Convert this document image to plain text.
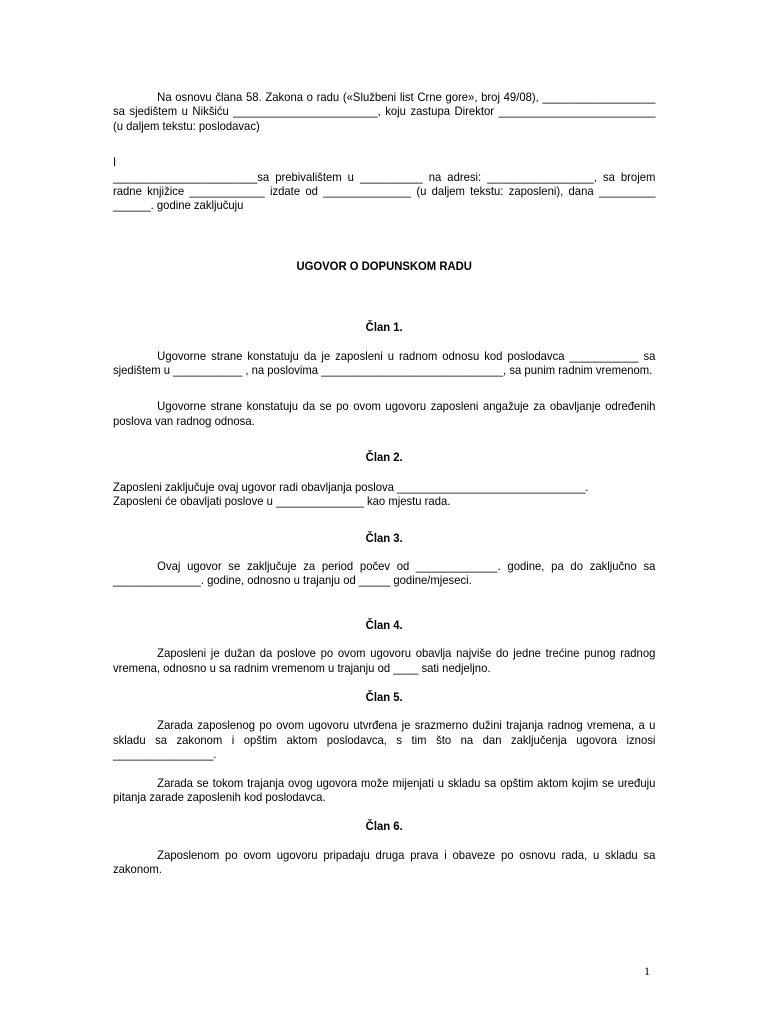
Na osnovu člana 58. Zakona o radu («Službeni list Crne gore», broj 49/08), __________________ sa sjedištem u Nikšiću _______________________, koju zastupa Direktor _________________________ (u daljem tekstu: poslodavac)

I

_______________________sa prebivalištem u __________ na adresi: _________________, sa brojem radne knjižice ____________ izdate od ______________ (u daljem tekstu: zaposleni), dana _________ ______. godine zaključuju

UGOVOR O DOPUNSKOM RADU

Član 1.

Ugovorne strane konstatuju da je zaposleni u radnom odnosu kod poslodavca ___________ sa sjedištem u ___________ , na poslovima _____________________________, sa punim radnim vremenom.

Ugovorne strane konstatuju da se po ovom ugovoru zaposleni angažuje za obavljanje određenih poslova van radnog odnosa.

Član 2.

Zaposleni zaključuje ovaj ugovor radi obavljanja poslova ______________________________.

Zaposleni će obavljati poslove u ______________ kao mjestu rada.

Član 3.

Ovaj ugovor se zaključuje za period počev od _____________. godine, pa do zaključno sa ______________. godine, odnosno u trajanju od _____ godine/mjeseci.

Član 4.

Zaposleni je dužan da poslove po ovom ugovoru obavlja najviše do jedne trećine punog radnog vremena, odnosno u sa radnim vremenom u trajanju od ____ sati nedjeljno.

Član 5.

Zarada zaposlenog po ovom ugovoru utvrđena je srazmerno dužini trajanja radnog vremena, a u skladu sa zakonom i opštim aktom poslodavca, s tim što na dan zaključenja ugovora iznosi ________________.

Zarada se tokom trajanja ovog ugovora može mijenjati u skladu sa opštim aktom kojim se uređuju pitanja zarade zaposlenih kod poslodavca.

Član 6.

Zaposlenom po ovom ugovoru pripadaju druga prava i obaveze po osnovu rada, u skladu sa zakonom.

1
